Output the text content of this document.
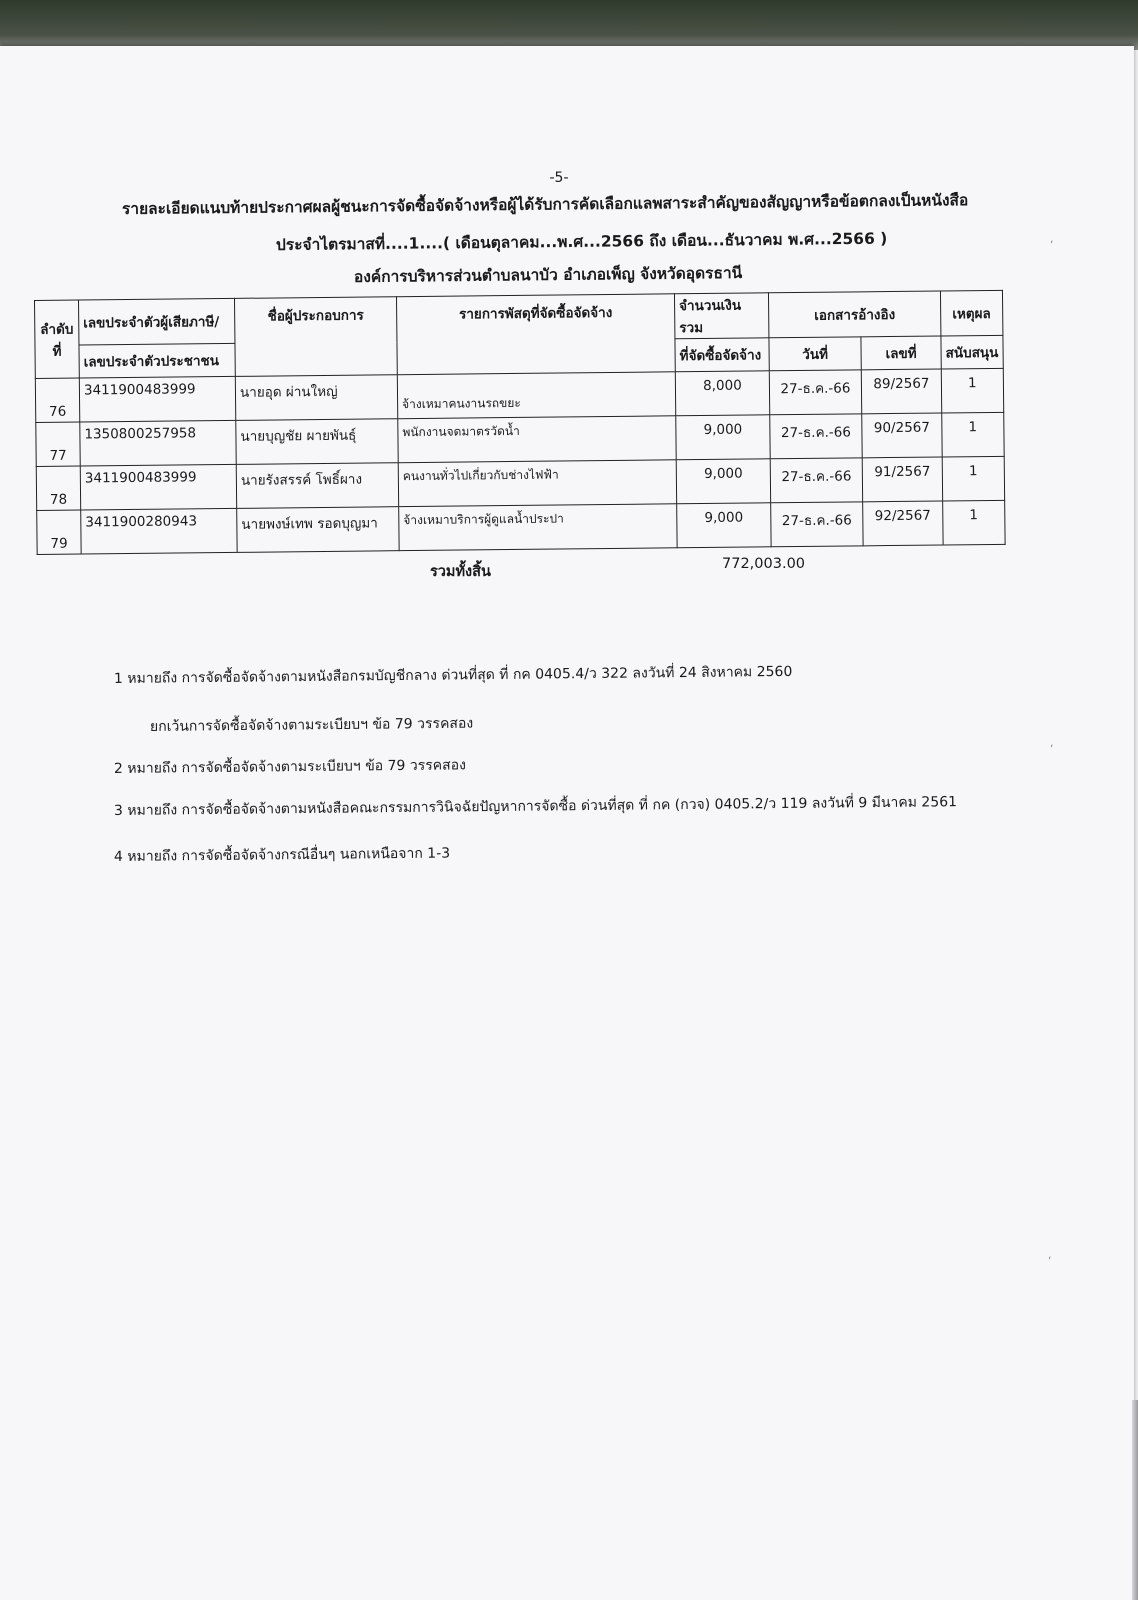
-5-
รายละเอียดแนบท้ายประกาศผลผู้ชนะการจัดซื้อจัดจ้างหรือผู้ได้รับการคัดเลือกแลพสาระสำคัญของสัญญาหรือข้อตกลงเป็นหนังสือ
ประจำไตรมาสที่....1....( เดือนตุลาคม...พ.ศ...2566 ถึง เดือน...ธันวาคม พ.ศ...2566 )
องค์การบริหารส่วนตำบลนาบัว อำเภอเพ็ญ จังหวัดอุดรธานี
ลำดับที่	เลขประจำตัวผู้เสียภาษี/	ชื่อผู้ประกอบการ	รายการพัสดุที่จัดซื้อจัดจ้าง	จำนวนเงินรวม	เอกสารอ้างอิง		เหตุผล
	เลขประจำตัวประชาชน			ที่จัดซื้อจัดจ้าง	วันที่	เลขที่	สนับสนุน
76	3411900483999	นายอุด ผ่านใหญ่	จ้างเหมาคนงานรถขยะ	8,000	27-ธ.ค.-66	89/2567	1
77	1350800257958	นายบุญชัย ผายพันธุ์	พนักงานจดมาตรวัดน้ำ	9,000	27-ธ.ค.-66	90/2567	1
78	3411900483999	นายรังสรรค์ โพธิ์ผาง	คนงานทั่วไปเกี่ยวกับช่างไฟฟ้า	9,000	27-ธ.ค.-66	91/2567	1
79	3411900280943	นายพงษ์เทพ รอดบุญมา	จ้างเหมาบริการผู้ดูแลน้ำประปา	9,000	27-ธ.ค.-66	92/2567	1
รวมทั้งสิ้น	772,003.00
1 หมายถึง การจัดซื้อจัดจ้างตามหนังสือกรมบัญชีกลาง ด่วนที่สุด ที่ กค 0405.4/ว 322 ลงวันที่ 24 สิงหาคม 2560
ยกเว้นการจัดซื้อจัดจ้างตามระเบียบฯ ข้อ 79 วรรคสอง
2 หมายถึง การจัดซื้อจัดจ้างตามระเบียบฯ ข้อ 79 วรรคสอง
3 หมายถึง การจัดซื้อจัดจ้างตามหนังสือคณะกรรมการวินิจฉัยปัญหาการจัดซื้อ ด่วนที่สุด ที่ กค (กวจ) 0405.2/ว 119 ลงวันที่ 9 มีนาคม 2561
4 หมายถึง การจัดซื้อจัดจ้างกรณีอื่นๆ นอกเหนือจาก 1-3
ʻ
ʻ
ʻ
